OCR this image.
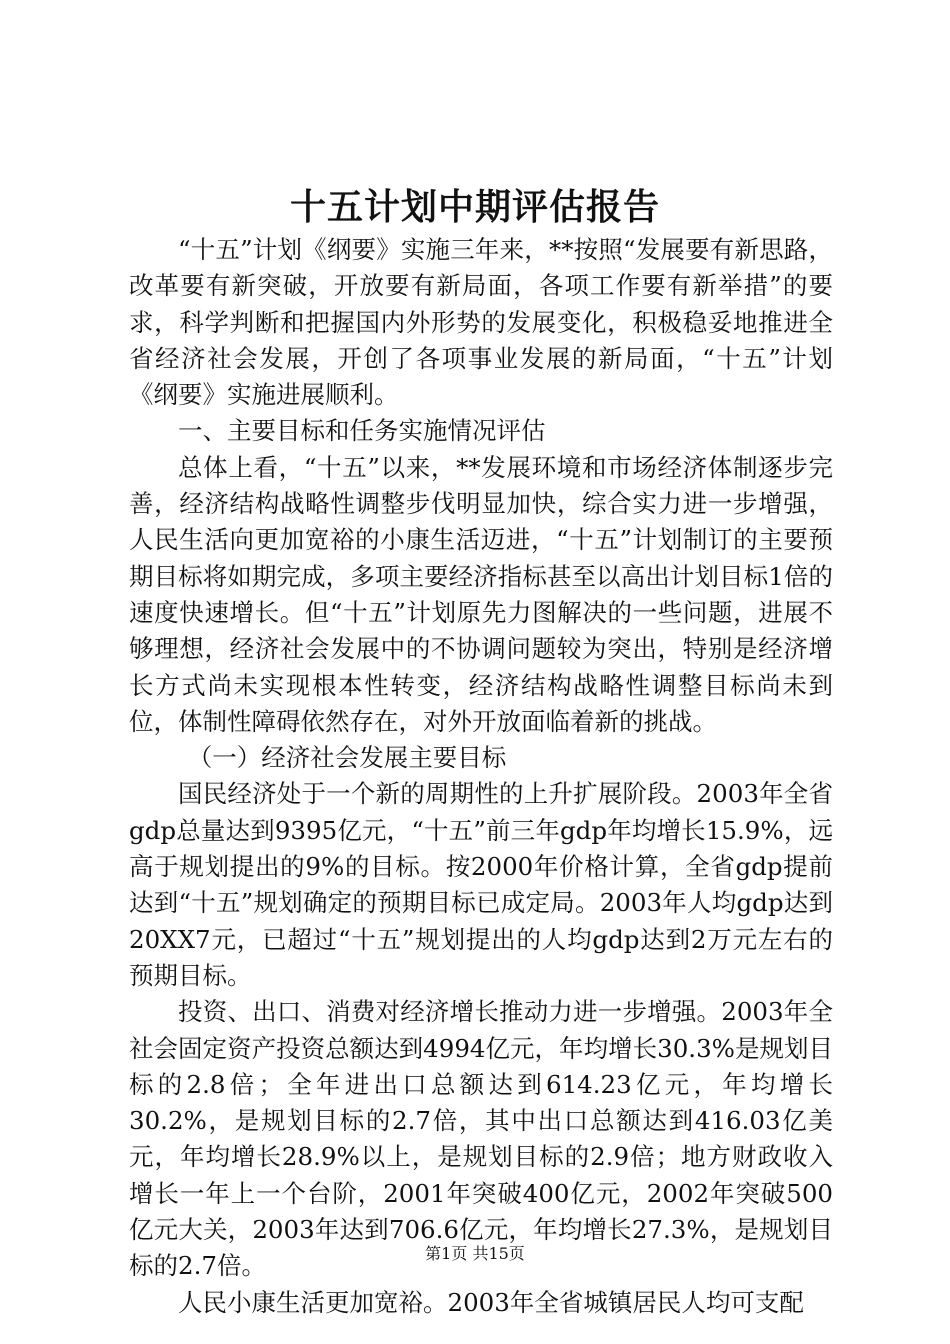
十五计划中期评估报告

“十五”计划《纲要》实施三年来，**按照“发展要有新思路，改革要有新突破，开放要有新局面，各项工作要有新举措”的要求，科学判断和把握国内外形势的发展变化，积极稳妥地推进全省经济社会发展，开创了各项事业发展的新局面，“十五”计划《纲要》实施进展顺利。

一、主要目标和任务实施情况评估

总体上看，“十五”以来，**发展环境和市场经济体制逐步完善，经济结构战略性调整步伐明显加快，综合实力进一步增强，人民生活向更加宽裕的小康生活迈进，“十五”计划制订的主要预期目标将如期完成，多项主要经济指标甚至以高出计划目标1倍的速度快速增长。但“十五”计划原先力图解决的一些问题，进展不够理想，经济社会发展中的不协调问题较为突出，特别是经济增长方式尚未实现根本性转变，经济结构战略性调整目标尚未到位，体制性障碍依然存在，对外开放面临着新的挑战。

（一）经济社会发展主要目标

国民经济处于一个新的周期性的上升扩展阶段。2003年全省gdp总量达到9395亿元，“十五”前三年gdp年均增长15.9%，远高于规划提出的9%的目标。按2000年价格计算，全省gdp提前达到“十五”规划确定的预期目标已成定局。2003年人均gdp达到20XX7元，已超过“十五”规划提出的人均gdp达到2万元左右的预期目标。

投资、出口、消费对经济增长推动力进一步增强。2003年全社会固定资产投资总额达到4994亿元，年均增长30.3%是规划目标的2.8倍；全年进出口总额达到614.23亿元，年均增长30.2%，是规划目标的2.7倍，其中出口总额达到416.03亿美元，年均增长28.9%以上，是规划目标的2.9倍；地方财政收入增长一年上一个台阶，2001年突破400亿元，2002年突破500亿元大关，2003年达到706.6亿元，年均增长27.3%，是规划目标的2.7倍。

人民小康生活更加宽裕。2003年全省城镇居民人均可支配

第1页 共15页
